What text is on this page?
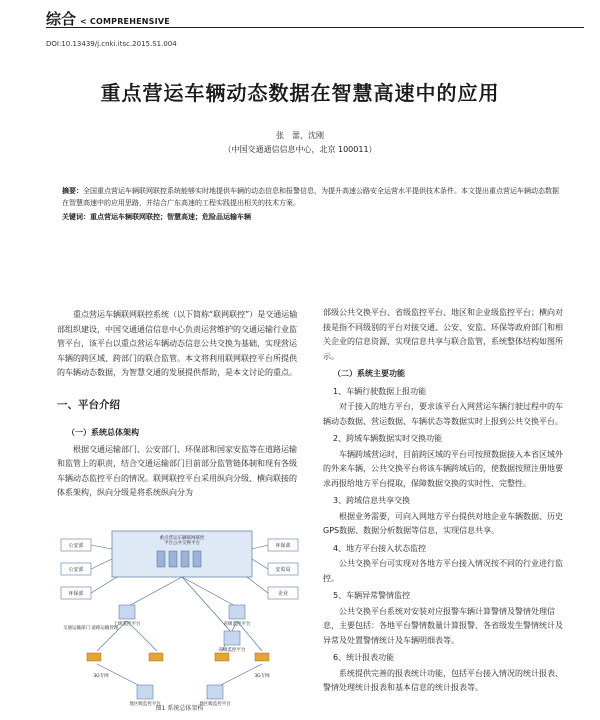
综合 < COMPREHENSIVE
DOI:10.13439/j.cnki.itsc.2015.S1.004
重点营运车辆动态数据在智慧高速中的应用
张　蕾，沈刚
（中国交通通信信息中心，北京 100011）
摘要：全国重点营运车辆联网联控系统能够实时地提供车辆的动态信息和报警信息，为提升高速公路安全运营水平提供技术条件。本文提出重点营运车辆动态数据在智慧高速中的应用思路，并结合广东高速的工程实践提出相关的技术方案。
关键词：重点营运车辆联网联控；智慧高速；危险品运输车辆

重点营运车辆联网联控系统（以下简称“联网联控”）是交通运输部组织建设，中国交通通信信息中心负责运营维护的交通运输行业监管平台，该平台以重点营运车辆动态信息公共交换为基础，实现营运车辆的跨区域、跨部门的联合监管。本文将利用联网联控平台所提供的车辆动态数据，为智慧交通的发展提供帮助，是本文讨论的重点。

一、平台介绍
（一）系统总体架构

根据交通运输部门、公安部门、环保部和国家安监等在道路运输和监管上的职责，结合交通运输部门目前部分监管链体制和现有各级车辆动态监控平台的情况。联网联控平台采用纵向分级、横向联接的体系架构，纵向分级是将系统纵向分为

重点营运车辆联网联控平台公共交换平台
公安部
公安部
环保部
环保部
安监局
企业
上级监控平台	省级监控平台
省级监控平台
地区级监控平台	地区级监控平台
交通运输部门 道路运输管理
3G专网	3G专网
图1 系统总体架构

部级公共交换平台、省级监控平台、地区和企业级监控平台；横向对接是指不同级别的平台对接交通、公安、安监、环保等政府部门和相关企业的信息资源，实现信息共享与联合监管，系统整体结构如图所示。

（二）系统主要功能
1、车辆行驶数据上报功能

对于接入的地方平台，要求该平台入网营运车辆行驶过程中的车辆动态数据、营运数据、车辆状态等数据实时上报到公共交换平台。

2、跨域车辆数据实时交换功能

车辆跨域营运时，目前跨区域的平台可按照数据接入本省区域外的外来车辆，公共交换平台将该车辆跨域后的，使数据按照注册地要求再报给地方平台提取，保障数据交换的实时性、完整性。

3、跨域信息共享交换

根据业务需要，可向入网地方平台提供对地企业车辆数据、历史GPS数据、数据分析数据等信息，实现信息共享。

4、地方平台接入状态监控

公共交换平台可实现对各地方平台接入情况按不同的行业进行监控。

5、车辆异常警情监控

公共交换平台系统对安装对应报警车辆计算警情及警情处理信息，主要包括：各地平台警情数量计算报警、各省级发生警情统计及异常及处置警情统计及车辆明细表等。

6、统计报表功能

系统提供完善的报表统计功能，包括平台接入情况的统计报表、警情处理统计报表和基本信息的统计报表等。
